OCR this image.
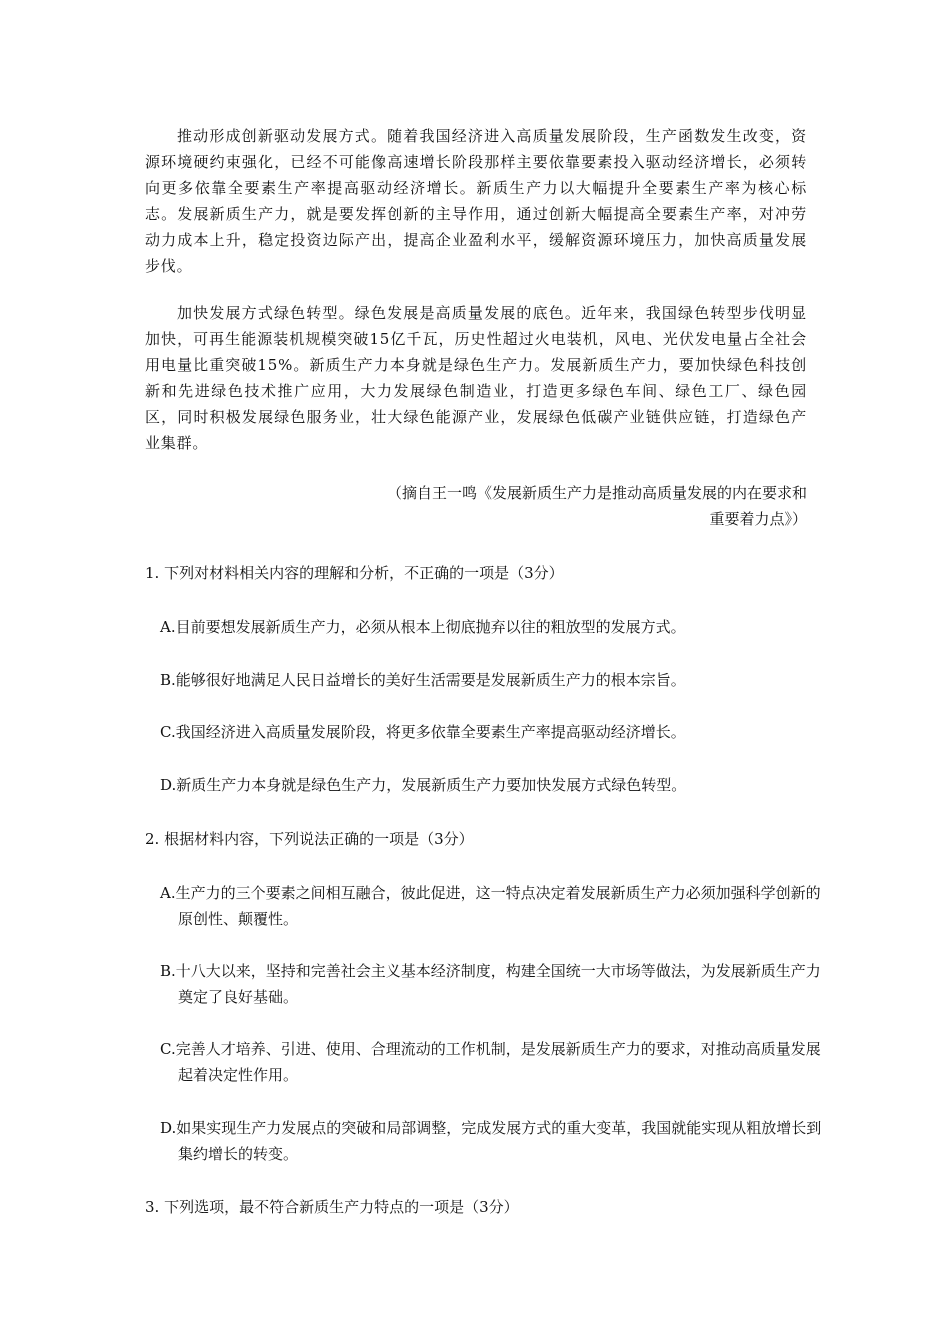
推动形成创新驱动发展方式。随着我国经济进入高质量发展阶段，生产函数发生改变，资源环境硬约束强化，已经不可能像高速增长阶段那样主要依靠要素投入驱动经济增长，必须转向更多依靠全要素生产率提高驱动经济增长。新质生产力以大幅提升全要素生产率为核心标志。发展新质生产力，就是要发挥创新的主导作用，通过创新大幅提高全要素生产率，对冲劳动力成本上升，稳定投资边际产出，提高企业盈利水平，缓解资源环境压力，加快高质量发展步伐。

加快发展方式绿色转型。绿色发展是高质量发展的底色。近年来，我国绿色转型步伐明显加快，可再生能源装机规模突破15亿千瓦，历史性超过火电装机，风电、光伏发电量占全社会用电量比重突破15%。新质生产力本身就是绿色生产力。发展新质生产力，要加快绿色科技创新和先进绿色技术推广应用，大力发展绿色制造业，打造更多绿色车间、绿色工厂、绿色园区，同时积极发展绿色服务业，壮大绿色能源产业，发展绿色低碳产业链供应链，打造绿色产业集群。

（摘自王一鸣《发展新质生产力是推动高质量发展的内在要求和

重要着力点》）

1. 下列对材料相关内容的理解和分析，不正确的一项是（3分）

A.目前要想发展新质生产力，必须从根本上彻底抛弃以往的粗放型的发展方式。

B.能够很好地满足人民日益增长的美好生活需要是发展新质生产力的根本宗旨。

C.我国经济进入高质量发展阶段，将更多依靠全要素生产率提高驱动经济增长。

D.新质生产力本身就是绿色生产力，发展新质生产力要加快发展方式绿色转型。

2. 根据材料内容，下列说法正确的一项是（3分）

A.生产力的三个要素之间相互融合，彼此促进，这一特点决定着发展新质生产力必须加强科学创新的原创性、颠覆性。

B.十八大以来，坚持和完善社会主义基本经济制度，构建全国统一大市场等做法，为发展新质生产力奠定了良好基础。

C.完善人才培养、引进、使用、合理流动的工作机制，是发展新质生产力的要求，对推动高质量发展起着决定性作用。

D.如果实现生产力发展点的突破和局部调整，完成发展方式的重大变革，我国就能实现从粗放增长到集约增长的转变。

3. 下列选项，最不符合新质生产力特点的一项是（3分）
